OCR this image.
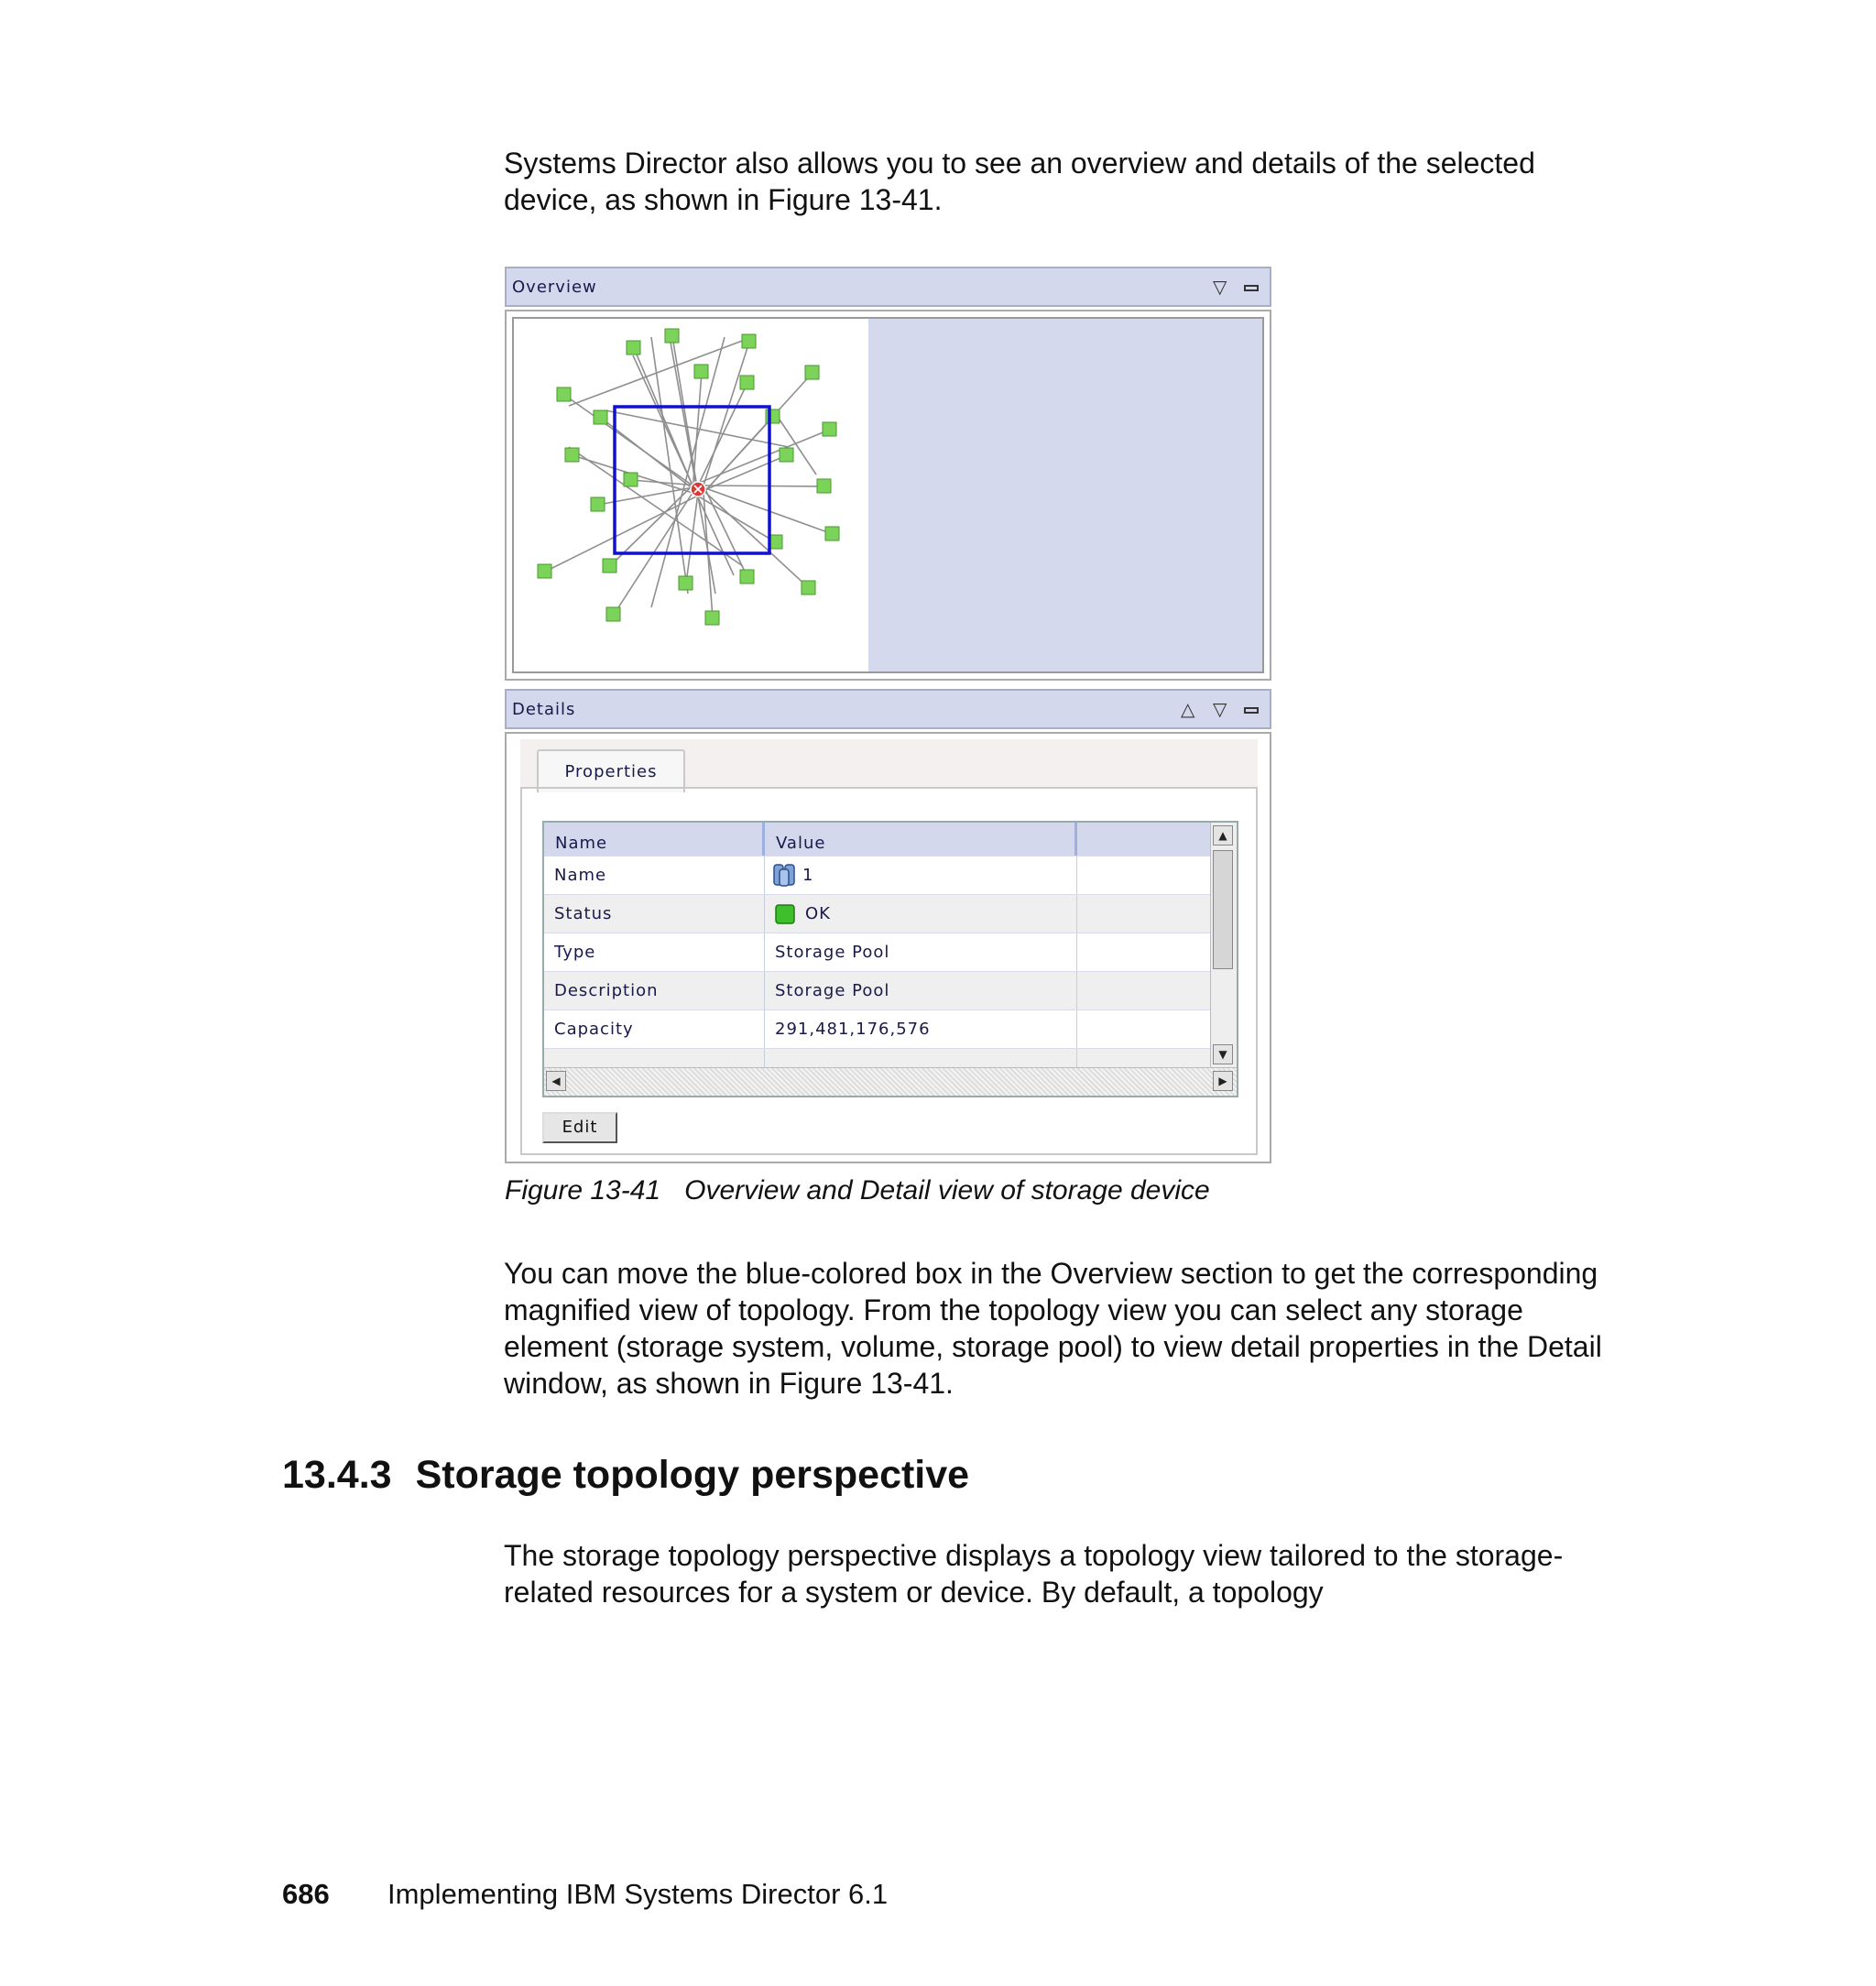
Systems Director also allows you to see an overview and details of the selected device, as shown in Figure 13-41.

Overview	▽
Details	△ ▽
Properties
Name	Value
Name	1
Status	OK
Type	Storage Pool
Description	Storage Pool
Capacity	291,481,176,576
▲
▼
◀	▶
Edit
Figure 13-41 Overview and Detail view of storage device

You can move the blue-colored box in the Overview section to get the corresponding magnified view of topology. From the topology view you can select any storage element (storage system, volume, storage pool) to view detail properties in the Detail window, as shown in Figure 13-41.

13.4.3 Storage topology perspective

The storage topology perspective displays a topology view tailored to the storage-related resources for a system or device. By default, a topology

686 Implementing IBM Systems Director 6.1
